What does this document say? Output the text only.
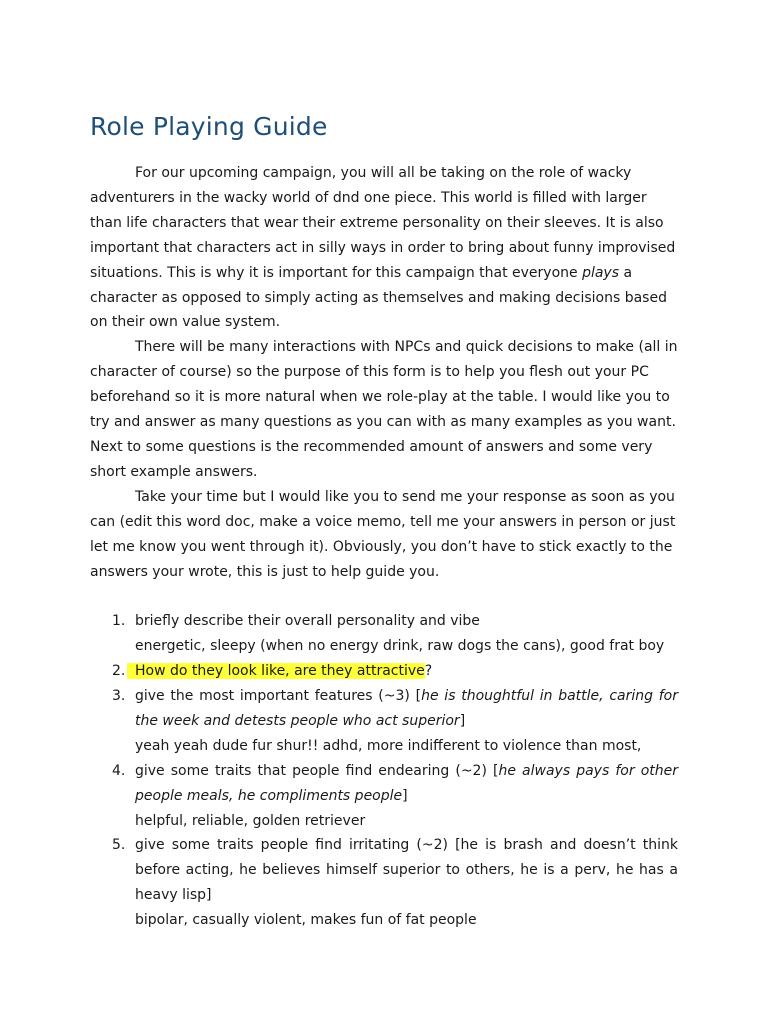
Role Playing Guide

For our upcoming campaign, you will all be taking on the role of wacky adventurers in the wacky world of dnd one piece. This world is filled with larger than life characters that wear their extreme personality on their sleeves. It is also important that characters act in silly ways in order to bring about funny improvised situations. This is why it is important for this campaign that everyone plays a character as opposed to simply acting as themselves and making decisions based on their own value system.

There will be many interactions with NPCs and quick decisions to make (all in character of course) so the purpose of this form is to help you flesh out your PC beforehand so it is more natural when we role-play at the table. I would like you to try and answer as many questions as you can with as many examples as you want. Next to some questions is the recommended amount of answers and some very short example answers.

Take your time but I would like you to send me your response as soon as you can (edit this word doc, make a voice memo, tell me your answers in person or just let me know you went through it). Obviously, you don’t have to stick exactly to the answers your wrote, this is just to help guide you.

1. briefly describe their overall personality and vibe
energetic, sleepy (when no energy drink, raw dogs the cans), good frat boy
2. How do they look like, are they attractive?
3. give the most important features (~3) [he is thoughtful in battle, caring for the week and detests people who act superior]
yeah yeah dude fur shur!! adhd, more indifferent to violence than most,
4. give some traits that people find endearing (~2) [he always pays for other people meals, he compliments people]
helpful, reliable, golden retriever
5. give some traits people find irritating (~2) [he is brash and doesn’t think before acting, he believes himself superior to others, he is a perv, he has a heavy lisp]
bipolar, casually violent, makes fun of fat people
